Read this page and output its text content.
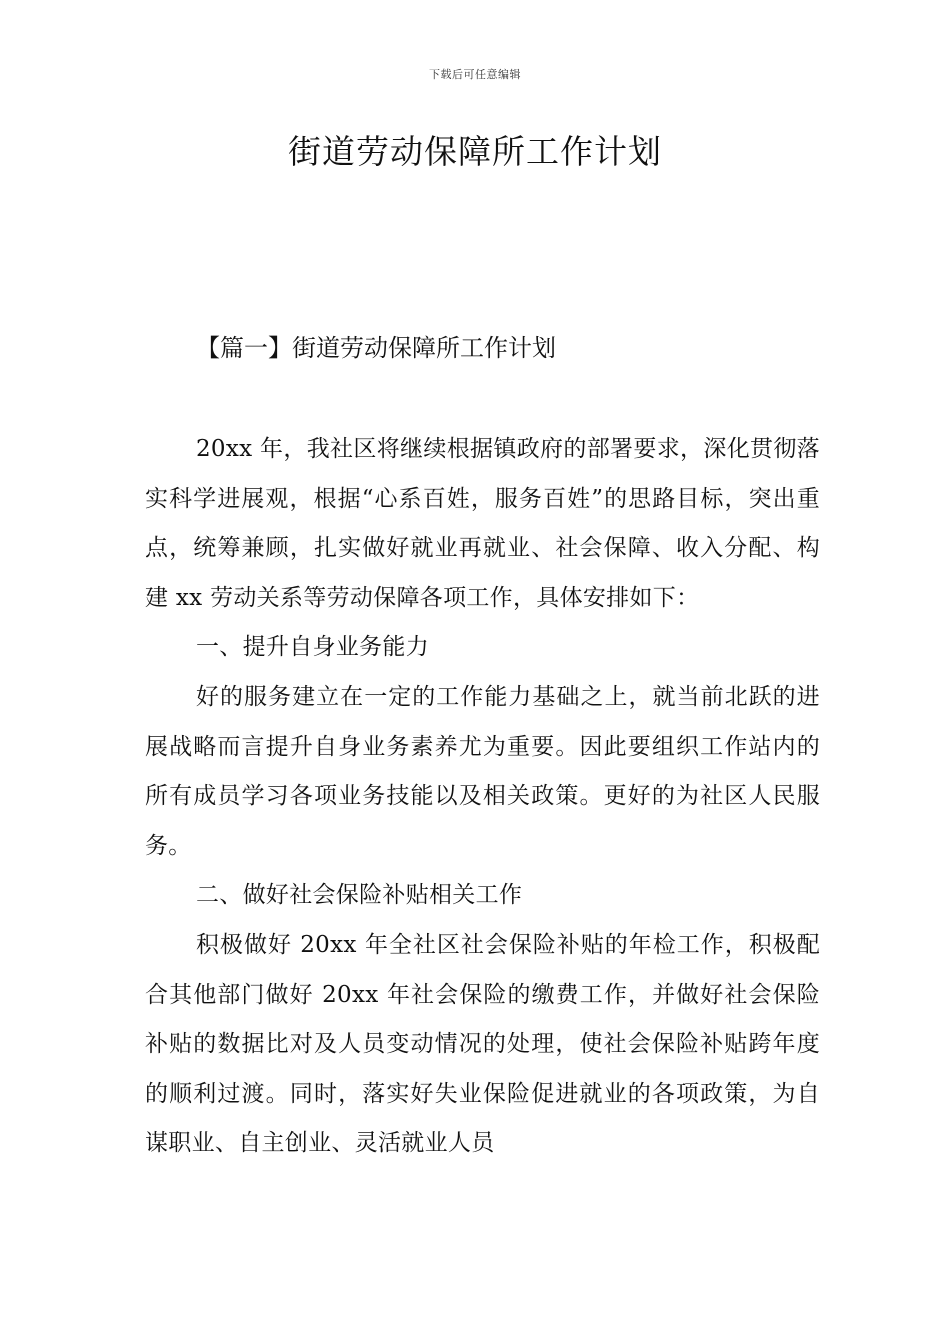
下载后可任意编辑
街道劳动保障所工作计划
【篇一】街道劳动保障所工作计划

20xx 年，我社区将继续根据镇政府的部署要求，深化贯彻落实科学进展观，根据“心系百姓，服务百姓”的思路目标，突出重点，统筹兼顾，扎实做好就业再就业、社会保障、收入分配、构建 xx 劳动关系等劳动保障各项工作，具体安排如下：

一、提升自身业务能力

好的服务建立在一定的工作能力基础之上，就当前北跃的进展战略而言提升自身业务素养尤为重要。因此要组织工作站内的所有成员学习各项业务技能以及相关政策。更好的为社区人民服务。

二、做好社会保险补贴相关工作

积极做好 20xx 年全社区社会保险补贴的年检工作，积极配合其他部门做好 20xx 年社会保险的缴费工作，并做好社会保险补贴的数据比对及人员变动情况的处理，使社会保险补贴跨年度的顺利过渡。同时，落实好失业保险促进就业的各项政策，为自谋职业、自主创业、灵活就业人员
